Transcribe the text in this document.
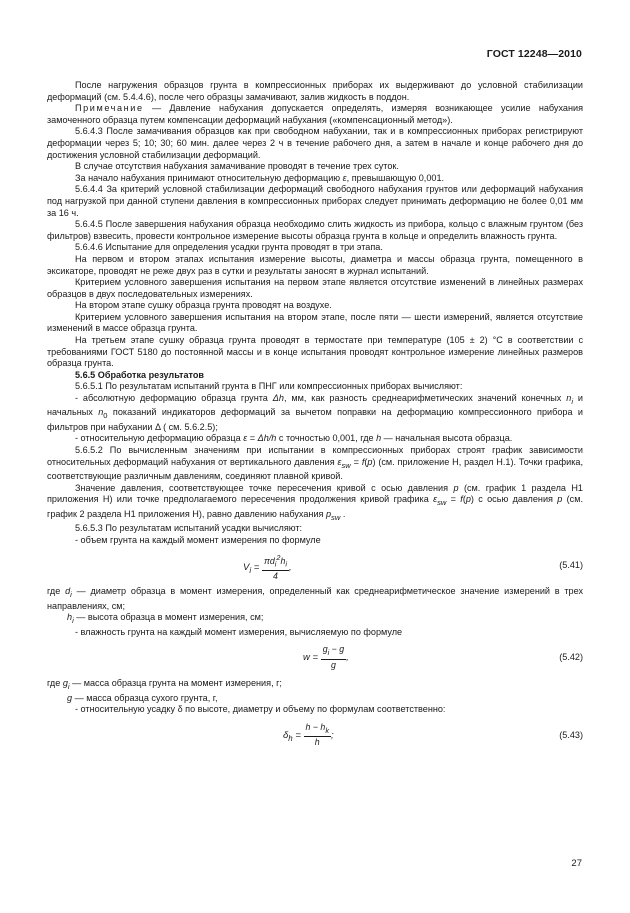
ГОСТ 12248—2010

После нагружения образцов грунта в компрессионных приборах их выдерживают до условной стабилизации деформаций (см. 5.4.4.6), после чего образцы замачивают, залив жидкость в поддон.

Примечание — Давление набухания допускается определять, измеряя возникающее усилие набухания замоченного образца путем компенсации деформаций набухания («компенсационный метод»).

5.6.4.3 После замачивания образцов как при свободном набухании, так и в компрессионных приборах регистрируют деформации через 5; 10; 30; 60 мин. далее через 2 ч в течение рабочего дня, а затем в начале и конце рабочего дня до достижения условной стабилизации деформаций.

В случае отсутствия набухания замачивание проводят в течение трех суток.

За начало набухания принимают относительную деформацию ε, превышающую 0,001.

5.6.4.4 За критерий условной стабилизации деформаций свободного набухания грунтов или деформаций набухания под нагрузкой при данной ступени давления в компрессионных приборах следует принимать деформацию не более 0,01 мм за 16 ч.

5.6.4.5 После завершения набухания образца необходимо слить жидкость из прибора, кольцо с влажным грунтом (без фильтров) взвесить, провести контрольное измерение высоты образца грунта в кольце и определить влажность грунта.

5.6.4.6 Испытание для определения усадки грунта проводят в три этапа.

На первом и втором этапах испытания измерение высоты, диаметра и массы образца грунта, помещенного в эксикаторе, проводят не реже двух раз в сутки и результаты заносят в журнал испытаний.

Критерием условного завершения испытания на первом этапе является отсутствие изменений в линейных размерах образцов в двух последовательных измерениях.

На втором этапе сушку образца грунта проводят на воздухе.

Критерием условного завершения испытания на втором этапе, после пяти — шести измерений, является отсутствие изменений в массе образца грунта.

На третьем этапе сушку образца грунта проводят в термостате при температуре (105 ± 2) °С в соответствии с требованиями ГОСТ 5180 до постоянной массы и в конце испытания проводят контрольное измерение линейных размеров образца грунта.

5.6.5 Обработка результатов

5.6.5.1 По результатам испытаний грунта в ПНГ или компрессионных приборах вычисляют:

- абсолютную деформацию образца грунта Δh, мм, как разность среднеарифметических значений конечных $n_i$ и начальных $n_0$ показаний индикаторов деформаций за вычетом поправки на деформацию компрессионного прибора и фильтров при набухании Δ ( см. 5.6.2.5);

- относительную деформацию образца ε = Δh/h с точностью 0,001, где h — начальная высота образца.

5.6.5.2 По вычисленным значениям при испытании в компрессионных приборах строят график зависимости относительных деформаций набухания от вертикального давления $\varepsilon_{sw} = f(p)$ (см. приложение Н, раздел Н.1). Точки графика, соответствующие различным давлениям, соединяют плавной кривой.

Значение давления, соответствующее точке пересечения кривой с осью давления p (см. график 1 раздела Н1 приложения Н) или точке предполагаемого пересечения продолжения кривой графика $\varepsilon_{sw} = f(p)$ с осью давления p (см. график 2 раздела Н1 приложения Н), равно давлению набухания $p_{sw}$ .

5.6.5.3 По результатам испытаний усадки вычисляют:

- объем грунта на каждый момент измерения по формуле

$V_i = \frac{\pi d_i^2h_i}{4}$ ,	(5.41)

где $d_i$ — диаметр образца в момент измерения, определенный как среднеарифметическое значение измерений в трех направлениях, см;

$h_i$ — высота образца в момент измерения, см;

- влажность грунта на каждый момент измерения, вычисляемую по формуле

$w = \frac{g_i - g}{g}$ ,	(5.42)

где $g_i$ — масса образца грунта на момент измерения, г;

g — масса образца сухого грунта, г,

- относительную усадку δ по высоте, диаметру и объему по формулам соответственно:

$\delta_h = \frac{h - h_k}{h}$ ;	(5.43)
27
